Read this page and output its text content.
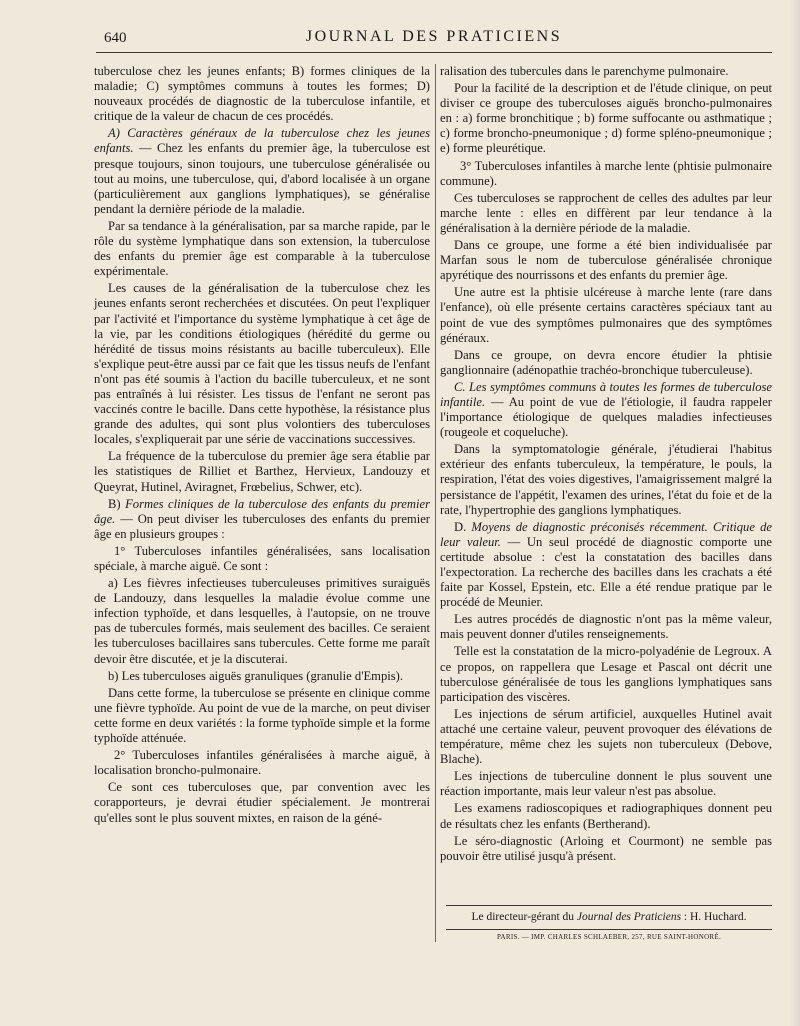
640	JOURNAL DES PRATICIENS

tuberculose chez les jeunes enfants; B) formes cliniques de la maladie; C) symptômes communs à toutes les formes; D) nouveaux procédés de diagnostic de la tuberculose infantile, et critique de la valeur de chacun de ces procédés.

A) Caractères généraux de la tuberculose chez les jeunes enfants. — Chez les enfants du premier âge, la tuberculose est presque toujours, sinon toujours, une tuberculose généralisée ou tout au moins, une tuberculose, qui, d'abord localisée à un organe (particulièrement aux ganglions lymphatiques), se généralise pendant la dernière période de la maladie.

Par sa tendance à la généralisation, par sa marche rapide, par le rôle du système lymphatique dans son extension, la tuberculose des enfants du premier âge est comparable à la tuberculose expérimentale.

Les causes de la généralisation de la tuberculose chez les jeunes enfants seront recherchées et discutées. On peut l'expliquer par l'activité et l'importance du système lymphatique à cet âge de la vie, par les conditions étiologiques (hérédité du germe ou hérédité de tissus moins résistants au bacille tuberculeux). Elle s'explique peut-être aussi par ce fait que les tissus neufs de l'enfant n'ont pas été soumis à l'action du bacille tuberculeux, et ne sont pas entraînés à lui résister. Les tissus de l'enfant ne seront pas vaccinés contre le bacille. Dans cette hypothèse, la résistance plus grande des adultes, qui sont plus volontiers des tuberculoses locales, s'expliquerait par une série de vaccinations successives.

La fréquence de la tuberculose du premier âge sera établie par les statistiques de Rilliet et Barthez, Hervieux, Landouzy et Queyrat, Hutinel, Aviragnet, Frœbelius, Schwer, etc).

B) Formes cliniques de la tuberculose des enfants du premier âge. — On peut diviser les tuberculoses des enfants du premier âge en plusieurs groupes :

1° Tuberculoses infantiles généralisées, sans localisation spéciale, à marche aiguë. Ce sont :

a) Les fièvres infectieuses tuberculeuses primitives suraiguës de Landouzy, dans lesquelles la maladie évolue comme une infection typhoïde, et dans lesquelles, à l'autopsie, on ne trouve pas de tubercules formés, mais seulement des bacilles. Ce seraient les tuberculoses bacillaires sans tubercules. Cette forme me paraît devoir être discutée, et je la discuterai.

b) Les tuberculoses aiguës granuliques (granulie d'Empis).

Dans cette forme, la tuberculose se présente en clinique comme une fièvre typhoïde. Au point de vue de la marche, on peut diviser cette forme en deux variétés : la forme typhoïde simple et la forme typhoïde atténuée.

2° Tuberculoses infantiles généralisées à marche aiguë, à localisation broncho-pulmonaire.

Ce sont ces tuberculoses que, par convention avec les corapporteurs, je devrai étudier spécialement. Je montrerai qu'elles sont le plus souvent mixtes, en raison de la géné-

ralisation des tubercules dans le parenchyme pulmonaire.

Pour la facilité de la description et de l'étude clinique, on peut diviser ce groupe des tuberculoses aiguës broncho-pulmonaires en : a) forme bronchitique ; b) forme suffocante ou asthmatique ; c) forme broncho-pneumonique ; d) forme spléno-pneumonique ; e) forme pleurétique.

3° Tuberculoses infantiles à marche lente (phtisie pulmonaire commune).

Ces tuberculoses se rapprochent de celles des adultes par leur marche lente : elles en diffèrent par leur tendance à la généralisation à la dernière période de la maladie.

Dans ce groupe, une forme a été bien individualisée par Marfan sous le nom de tuberculose généralisée chronique apyrétique des nourrissons et des enfants du premier âge.

Une autre est la phtisie ulcéreuse à marche lente (rare dans l'enfance), où elle présente certains caractères spéciaux tant au point de vue des symptômes pulmonaires que des symptômes généraux.

Dans ce groupe, on devra encore étudier la phtisie ganglionnaire (adénopathie trachéo-bronchique tuberculeuse).

C. Les symptômes communs à toutes les formes de tuberculose infantile. — Au point de vue de l'étiologie, il faudra rappeler l'importance étiologique de quelques maladies infectieuses (rougeole et coqueluche).

Dans la symptomatologie générale, j'étudierai l'habitus extérieur des enfants tuberculeux, la température, le pouls, la respiration, l'état des voies digestives, l'amaigrissement malgré la persistance de l'appétit, l'examen des urines, l'état du foie et de la rate, l'hypertrophie des ganglions lymphatiques.

D. Moyens de diagnostic préconisés récemment. Critique de leur valeur. — Un seul procédé de diagnostic comporte une certitude absolue : c'est la constatation des bacilles dans l'expectoration. La recherche des bacilles dans les crachats a été faite par Kossel, Epstein, etc. Elle a été rendue pratique par le procédé de Meunier.

Les autres procédés de diagnostic n'ont pas la même valeur, mais peuvent donner d'utiles renseignements.

Telle est la constatation de la micro-polyadénie de Legroux. A ce propos, on rappellera que Lesage et Pascal ont décrit une tuberculose généralisée de tous les ganglions lymphatiques sans participation des viscères.

Les injections de sérum artificiel, auxquelles Hutinel avait attaché une certaine valeur, peuvent provoquer des élévations de température, même chez les sujets non tuberculeux (Debove, Blache).

Les injections de tuberculine donnent le plus souvent une réaction importante, mais leur valeur n'est pas absolue.

Les examens radioscopiques et radiographiques donnent peu de résultats chez les enfants (Bertherand).

Le séro-diagnostic (Arloing et Courmont) ne semble pas pouvoir être utilisé jusqu'à présent.

Le directeur-gérant du Journal des Praticiens : H. Huchard.
PARIS. — IMP. CHARLES SCHLAEBER, 257, RUE SAINT-HONORÉ.
